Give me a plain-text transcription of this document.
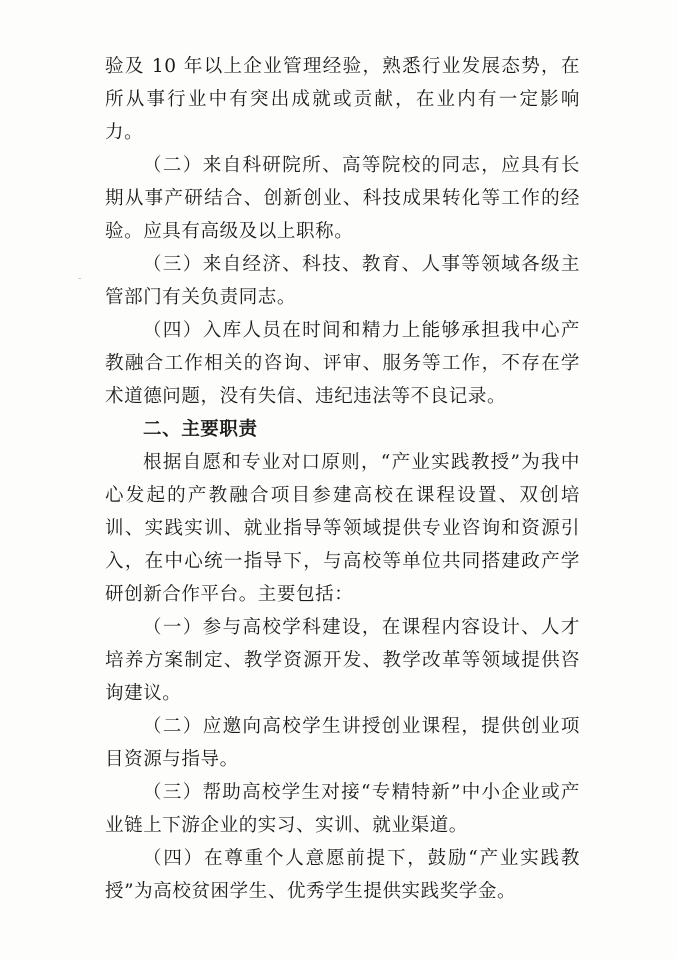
验及 10 年以上企业管理经验，熟悉行业发展态势，在所从事行业中有突出成就或贡献，在业内有一定影响力。

（二）来自科研院所、高等院校的同志，应具有长期从事产研结合、创新创业、科技成果转化等工作的经验。应具有高级及以上职称。

（三）来自经济、科技、教育、人事等领域各级主管部门有关负责同志。

（四）入库人员在时间和精力上能够承担我中心产教融合工作相关的咨询、评审、服务等工作，不存在学术道德问题，没有失信、违纪违法等不良记录。

二、主要职责

根据自愿和专业对口原则，“产业实践教授”为我中心发起的产教融合项目参建高校在课程设置、双创培训、实践实训、就业指导等领域提供专业咨询和资源引入，在中心统一指导下，与高校等单位共同搭建政产学研创新合作平台。主要包括：

（一）参与高校学科建设，在课程内容设计、人才培养方案制定、教学资源开发、教学改革等领域提供咨询建议。

（二）应邀向高校学生讲授创业课程，提供创业项目资源与指导。

（三）帮助高校学生对接“专精特新”中小企业或产业链上下游企业的实习、实训、就业渠道。

（四）在尊重个人意愿前提下，鼓励“产业实践教授”为高校贫困学生、优秀学生提供实践奖学金。
